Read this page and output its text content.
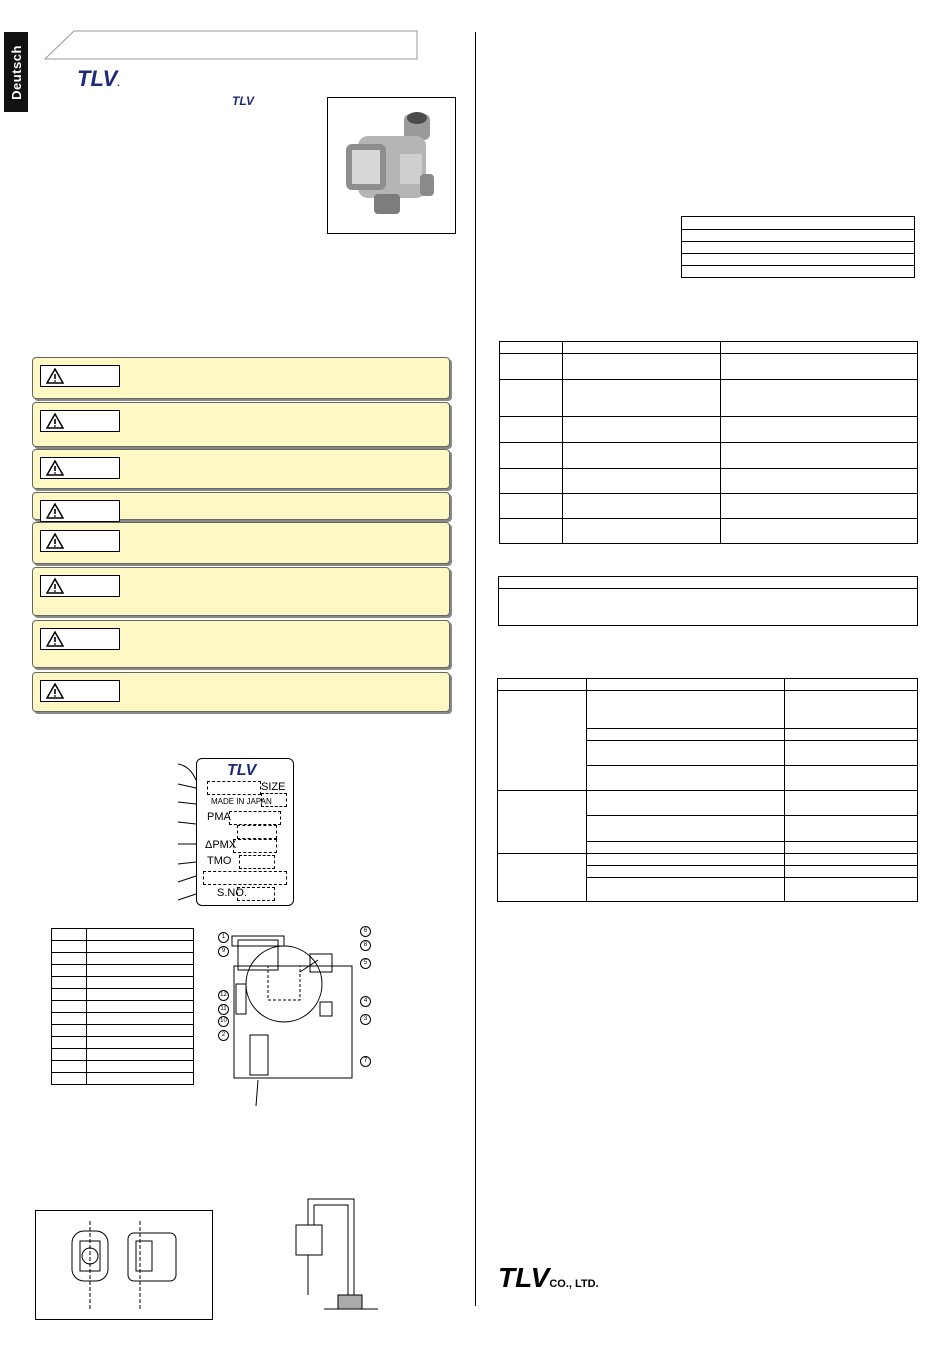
Deutsch TLV.
TLV
TLV
SIZE
MADE IN JAPAN
PMA
ΔPMX
TMO
S.NO.

1
9
12
11
10
2
6
8
5
4
3
7

TLVCO., LTD.
